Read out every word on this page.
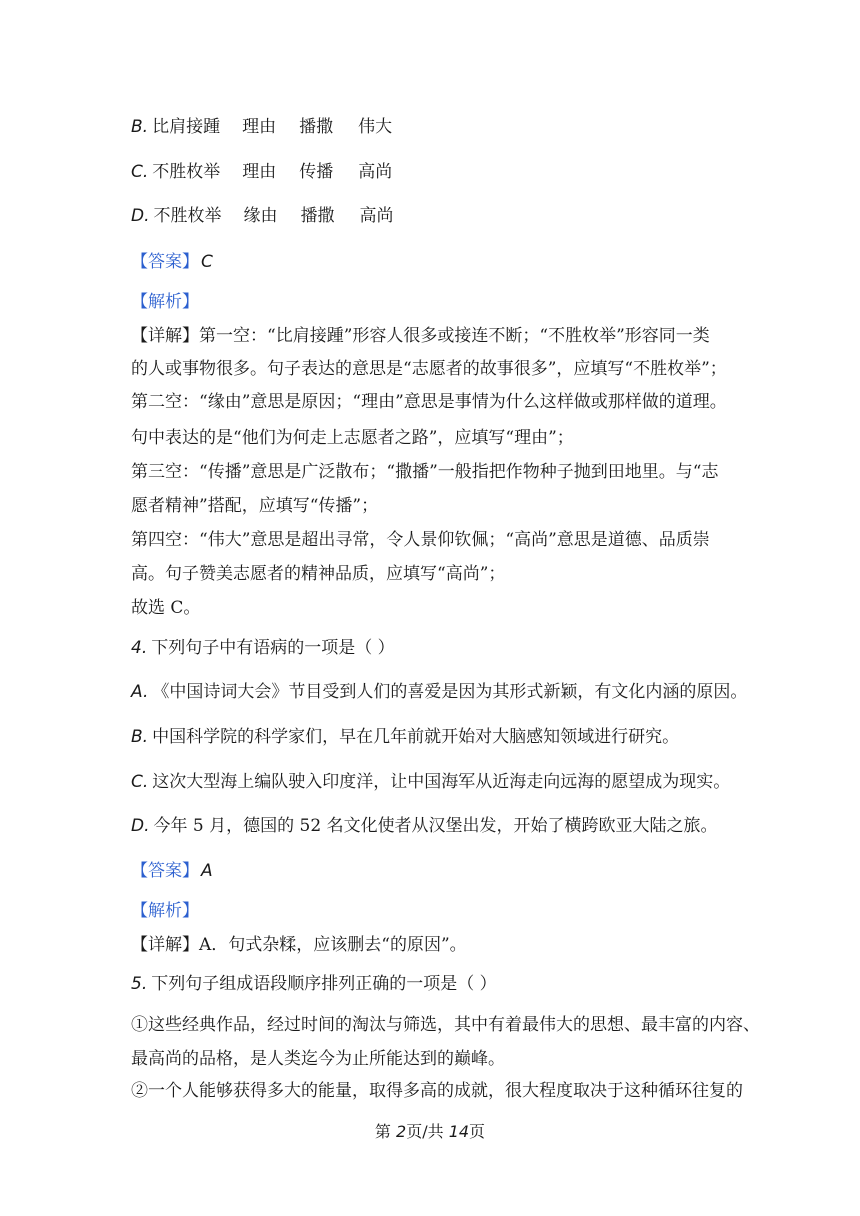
B. 比肩接踵 理由 播撒 伟大
C. 不胜枚举 理由 传播 高尚
D. 不胜枚举 缘由 播撒 高尚
【答案】 C
【解析】
【详解】第一空：“比肩接踵”形容人很多或接连不断；“不胜枚举”形容同一类
的人或事物很多。句子表达的意思是“志愿者的故事很多”，应填写“不胜枚举”；
第二空：“缘由”意思是原因；“理由”意思是事情为什么这样做或那样做的道理。
句中表达的是“他们为何走上志愿者之路”，应填写“理由”；
第三空：“传播”意思是广泛散布；“撒播”一般指把作物种子抛到田地里。与“志
愿者精神”搭配，应填写“传播”；
第四空：“伟大”意思是超出寻常，令人景仰钦佩；“高尚”意思是道德、品质崇
高。句子赞美志愿者的精神品质，应填写“高尚”；
故选 C。
4. 下列句子中有语病的一项是（ ）
A. 《中国诗词大会》节目受到人们的喜爱是因为其形式新颖，有文化内涵的原因。
B. 中国科学院的科学家们，早在几年前就开始对大脑感知领域进行研究。
C. 这次大型海上编队驶入印度洋，让中国海军从近海走向远海的愿望成为现实。
D. 今年 5 月，德国的 52 名文化使者从汉堡出发，开始了横跨欧亚大陆之旅。
【答案】 A
【解析】
【详解】A．句式杂糅，应该删去“的原因”。
5. 下列句子组成语段顺序排列正确的一项是（ ）
①这些经典作品，经过时间的淘汰与筛选，其中有着最伟大的思想、最丰富的内容、
最高尚的品格，是人类迄今为止所能达到的巅峰。
②一个人能够获得多大的能量，取得多高的成就，很大程度取决于这种循环往复的
第 2页/共 14页
